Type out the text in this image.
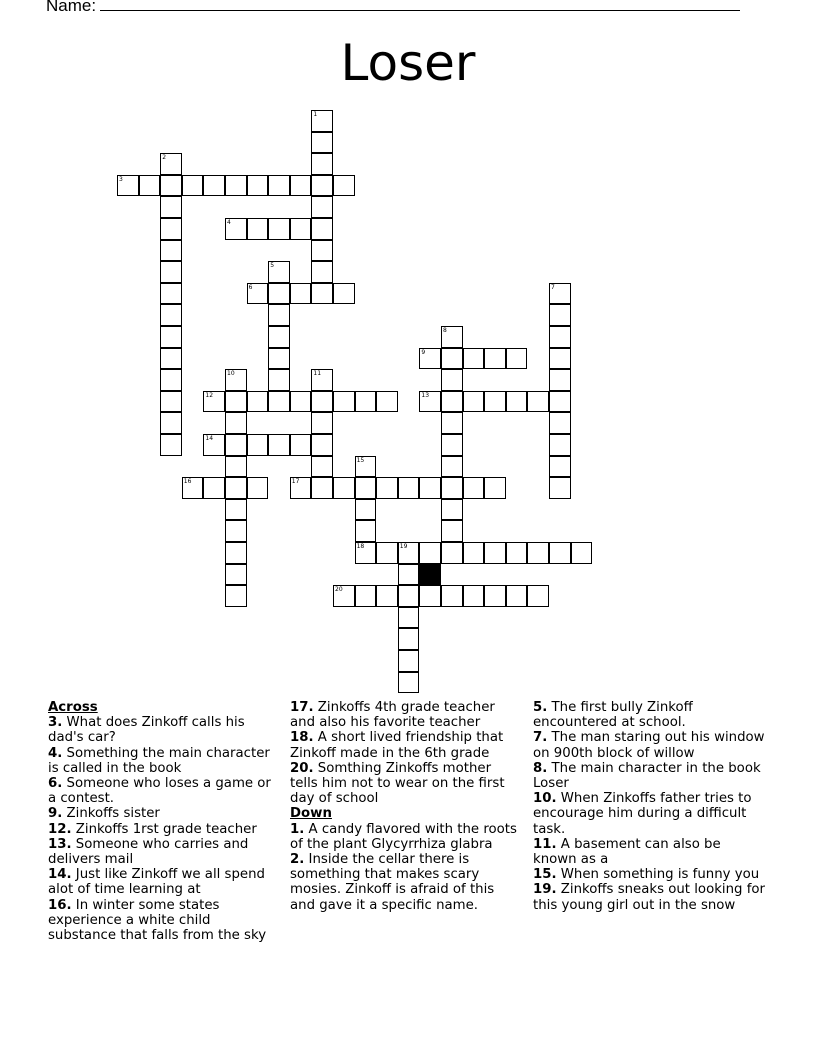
Name:
Loser
1
2
3
4
5
6	7
8
9
10	11
12	13
14
15
16	17
18	19
20
Across
3. What does Zinkoff calls his dad's car?
4. Something the main character is called in the book
6. Someone who loses a game or a contest.
9. Zinkoffs sister
12. Zinkoffs 1rst grade teacher
13. Someone who carries and delivers mail
14. Just like Zinkoff we all spend alot of time learning at
16. In winter some states experience a white child substance that falls from the sky
17. Zinkoffs 4th grade teacher and also his favorite teacher
18. A short lived friendship that Zinkoff made in the 6th grade
20. Somthing Zinkoffs mother tells him not to wear on the first day of school
Down
1. A candy flavored with the roots of the plant Glycyrrhiza glabra
2. Inside the cellar there is something that makes scary mosies. Zinkoff is afraid of this and gave it a specific name.
5. The first bully Zinkoff encountered at school.
7. The man staring out his window on 900th block of willow
8. The main character in the book Loser
10. When Zinkoffs father tries to encourage him during a difficult task.
11. A basement can also be known as a
15. When something is funny you
19. Zinkoffs sneaks out looking for this young girl out in the snow
